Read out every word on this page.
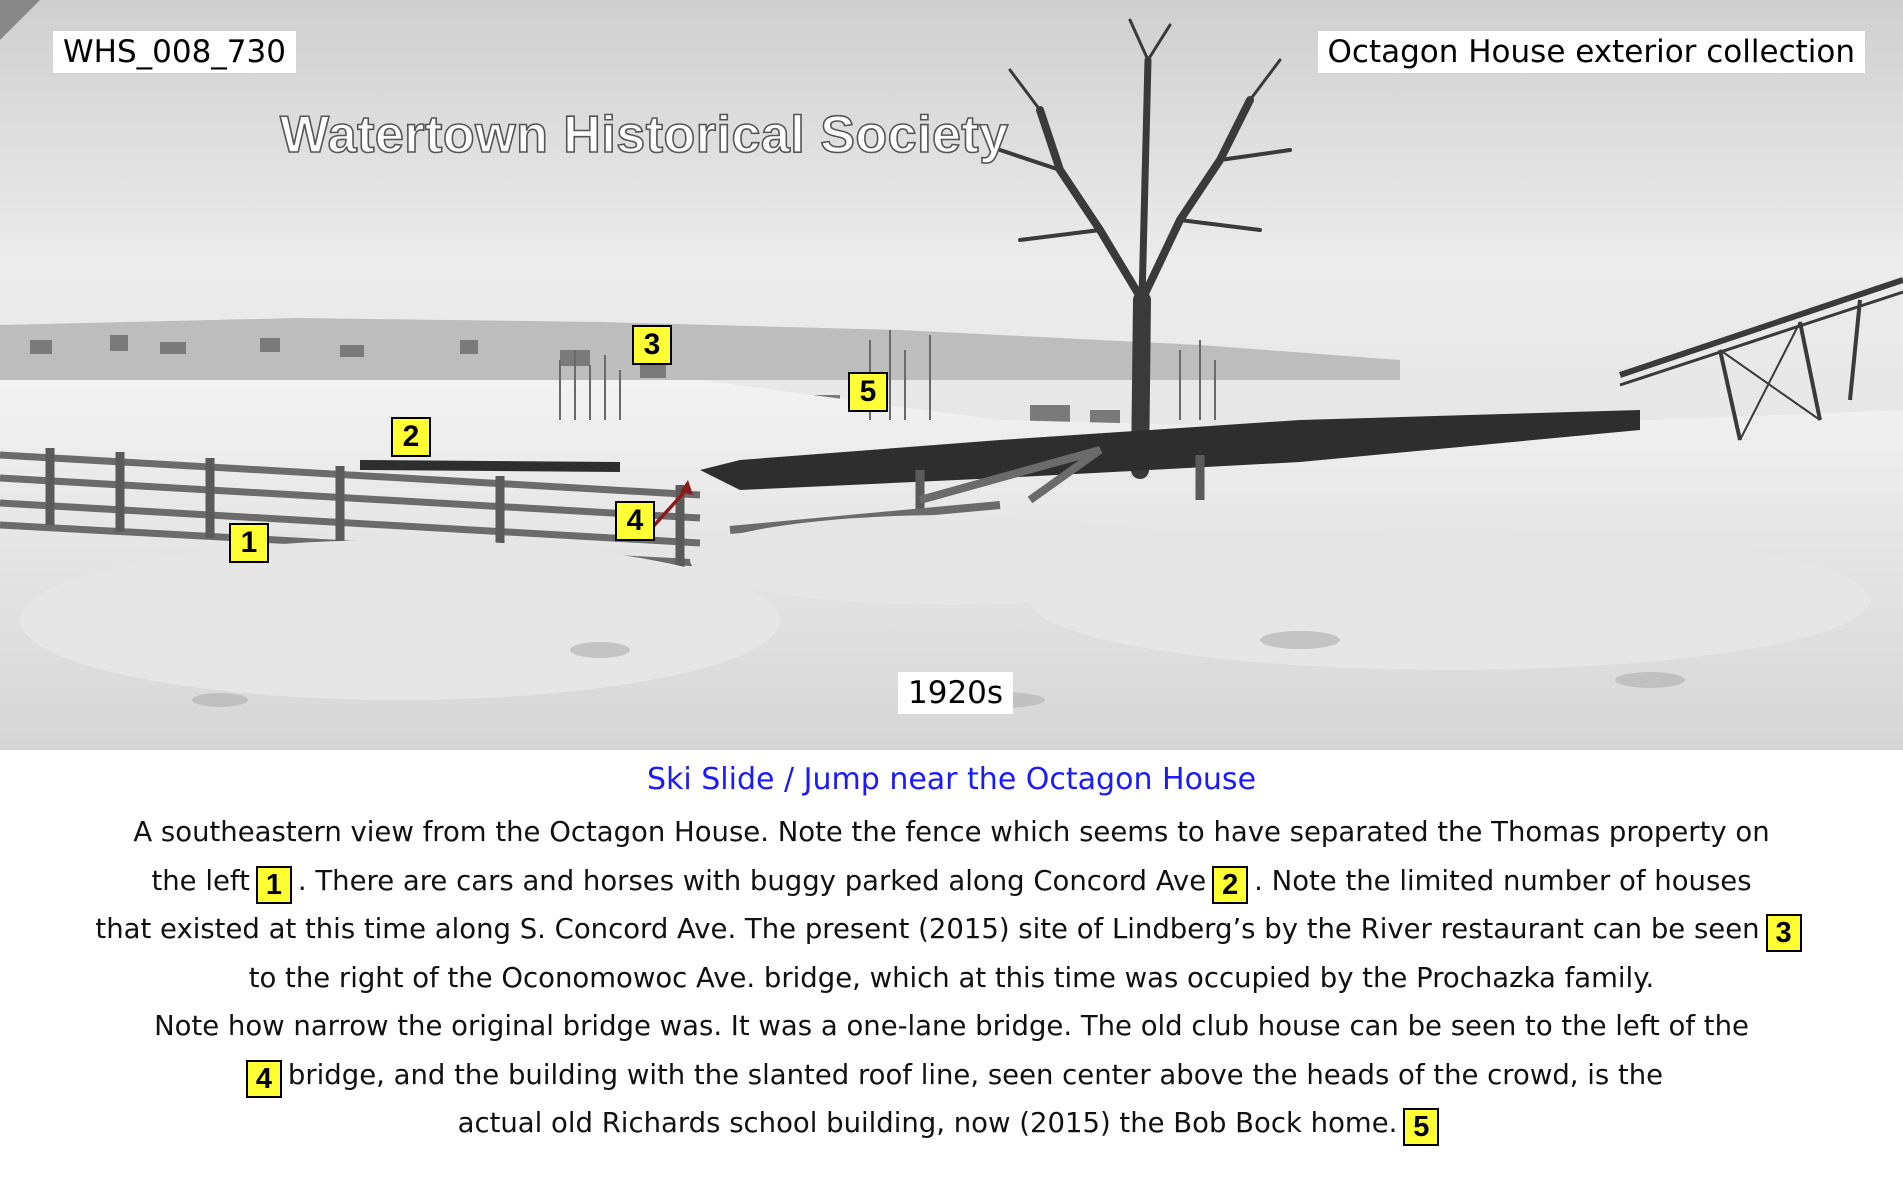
WHS_008_730	Octagon House exterior collection
Watertown Historical Society
1920s
1
2
3
4
5
Ski Slide / Jump near the Octagon House
A southeastern view from the Octagon House. Note the fence which seems to have separated the Thomas property on
the left 1 . There are cars and horses with buggy parked along Concord Ave 2 . Note the limited number of houses
that existed at this time along S. Concord Ave. The present (2015) site of Lindberg’s by the River restaurant can be seen 3
to the right of the Oconomowoc Ave. bridge, which at this time was occupied by the Prochazka family.
Note how narrow the original bridge was. It was a one-lane bridge. The old club house can be seen to the left of the
4 bridge, and the building with the slanted roof line, seen center above the heads of the crowd, is the
actual old Richards school building, now (2015) the Bob Bock home. 5
